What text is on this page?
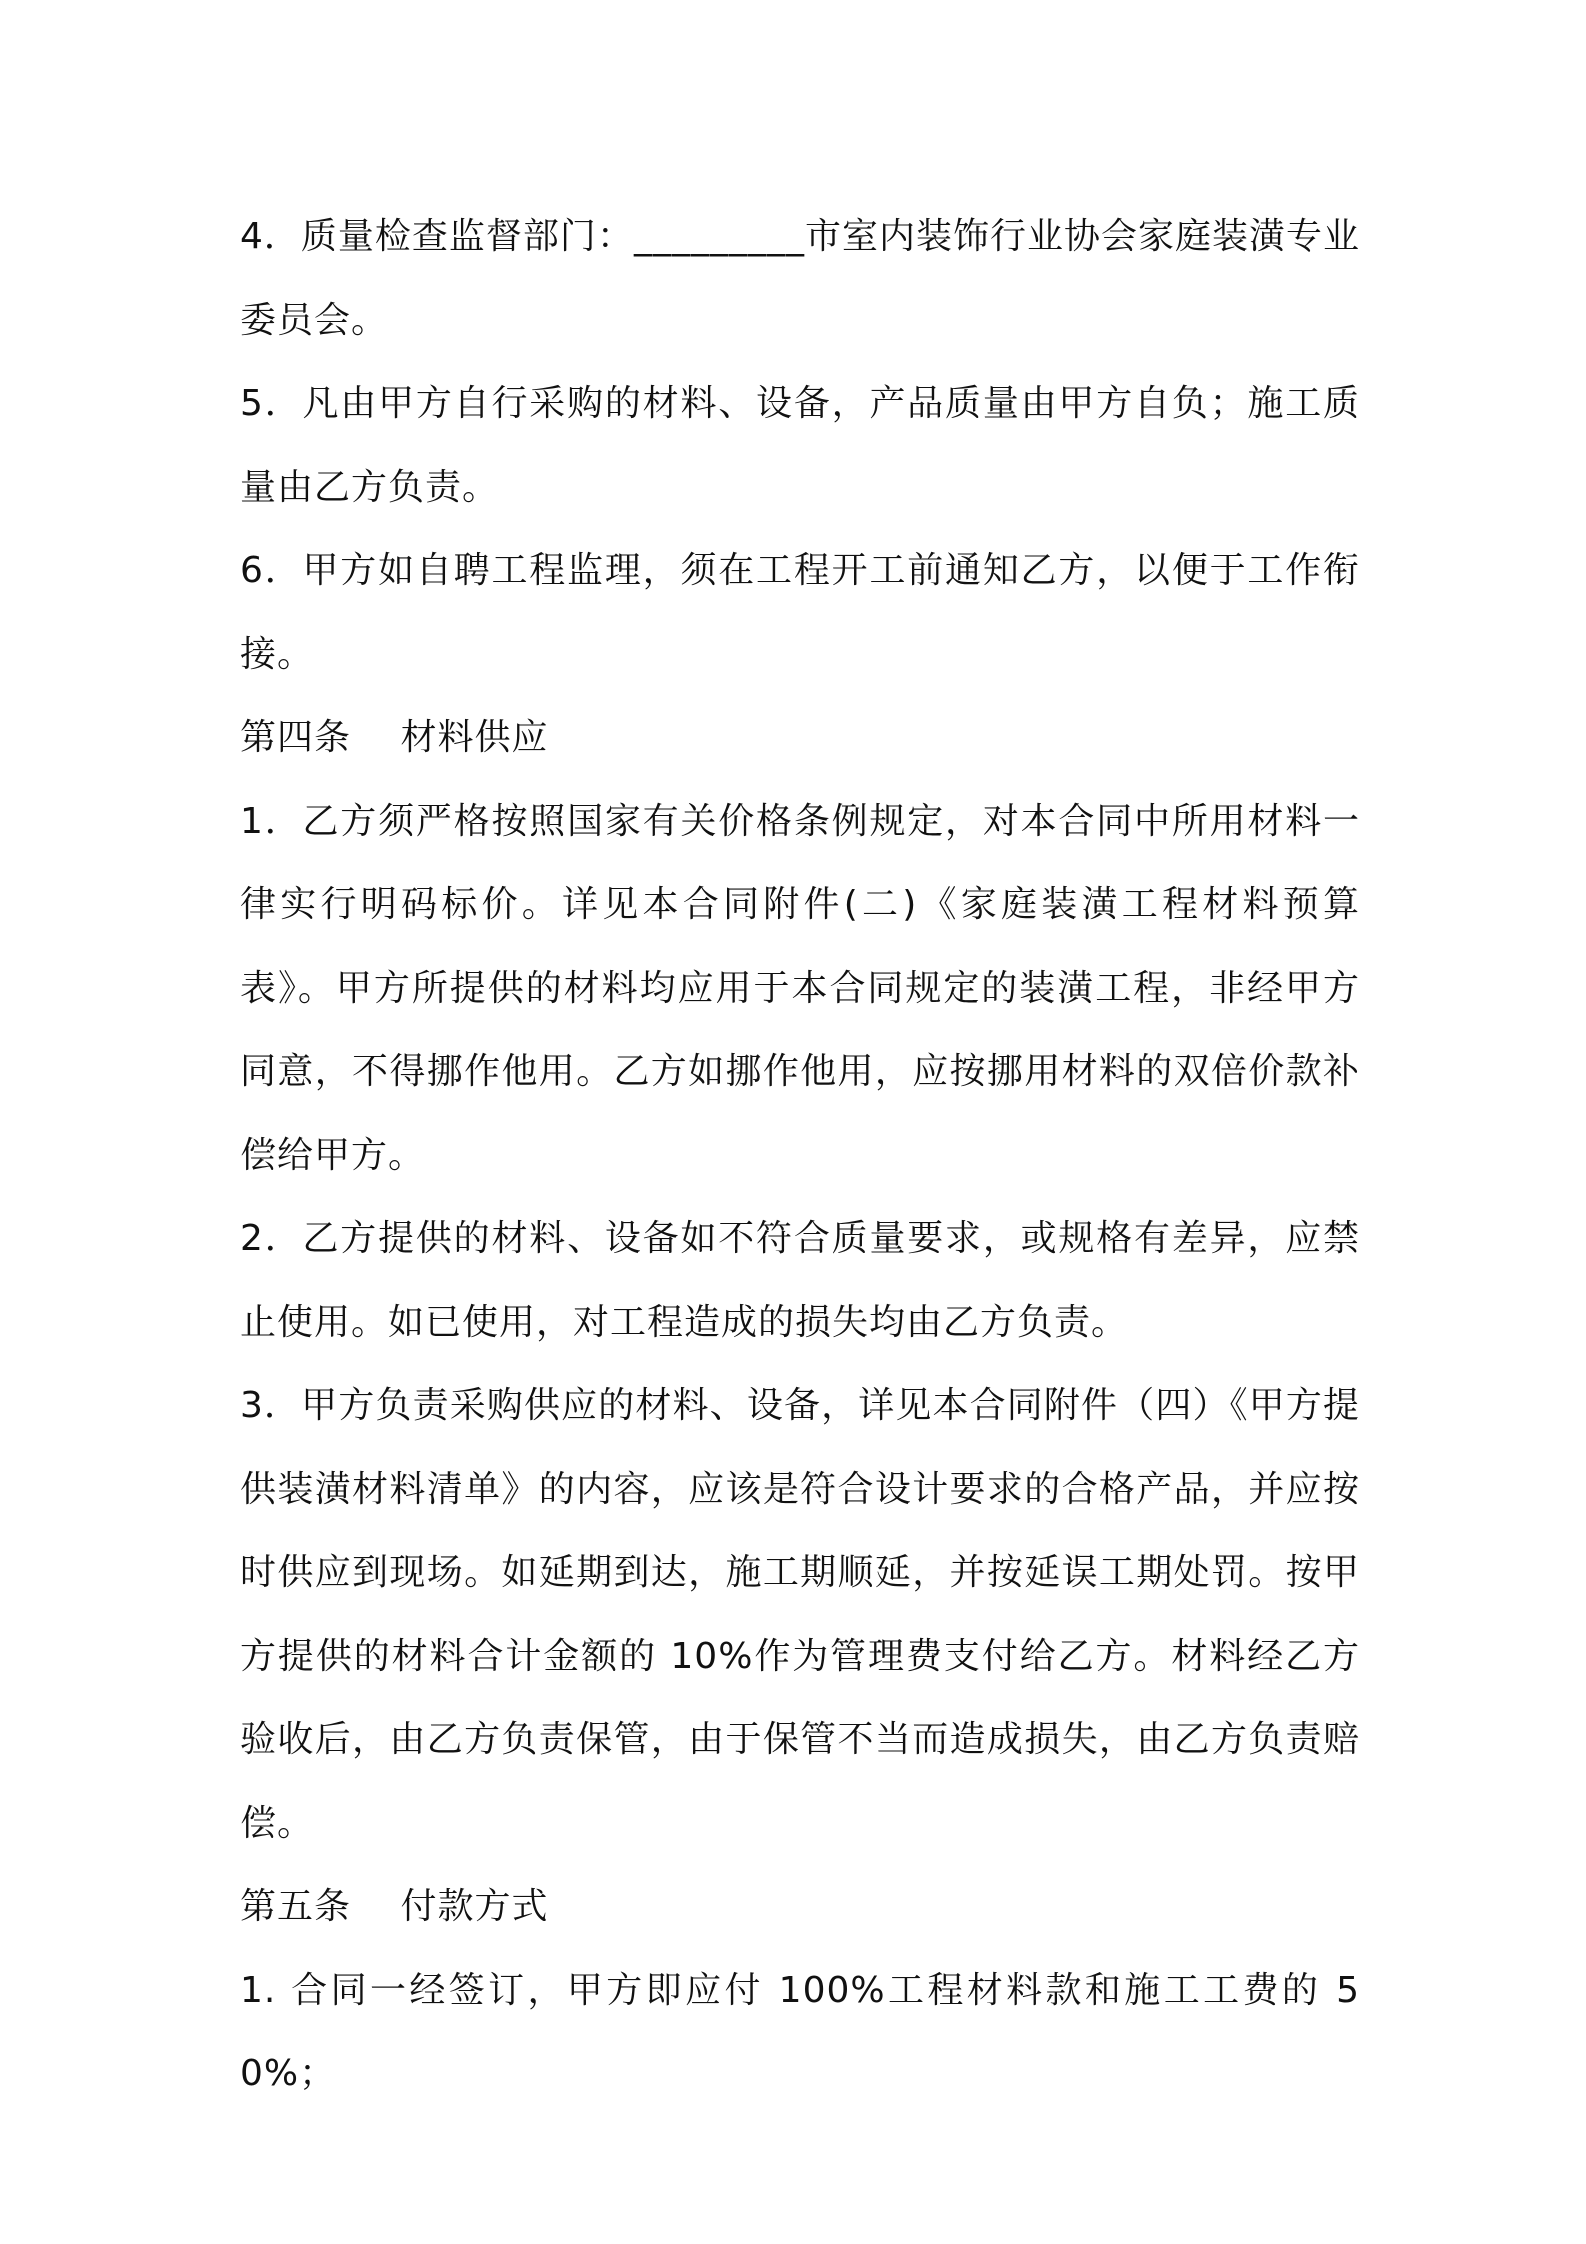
4．质量检查监督部门：_________市室内装饰行业协会家庭装潢专业委员会。

5．凡由甲方自行采购的材料、设备，产品质量由甲方自负；施工质量由乙方负责。

6．甲方如自聘工程监理，须在工程开工前通知乙方，以便于工作衔接。

第四条　 材料供应

1．乙方须严格按照国家有关价格条例规定，对本合同中所用材料一律实行明码标价。详见本合同附件(二)《家庭装潢工程材料预算表》。甲方所提供的材料均应用于本合同规定的装潢工程，非经甲方同意，不得挪作他用。乙方如挪作他用，应按挪用材料的双倍价款补偿给甲方。

2．乙方提供的材料、设备如不符合质量要求，或规格有差异，应禁止使用。如已使用，对工程造成的损失均由乙方负责。

3．甲方负责采购供应的材料、设备，详见本合同附件（四）《甲方提供装潢材料清单》的内容，应该是符合设计要求的合格产品，并应按时供应到现场。如延期到达，施工期顺延，并按延误工期处罚。按甲方提供的材料合计金额的 10%作为管理费支付给乙方。材料经乙方验收后，由乙方负责保管，由于保管不当而造成损失，由乙方负责赔偿。

第五条　 付款方式

1. 合同一经签订，甲方即应付 100%工程材料款和施工工费的 50%；
